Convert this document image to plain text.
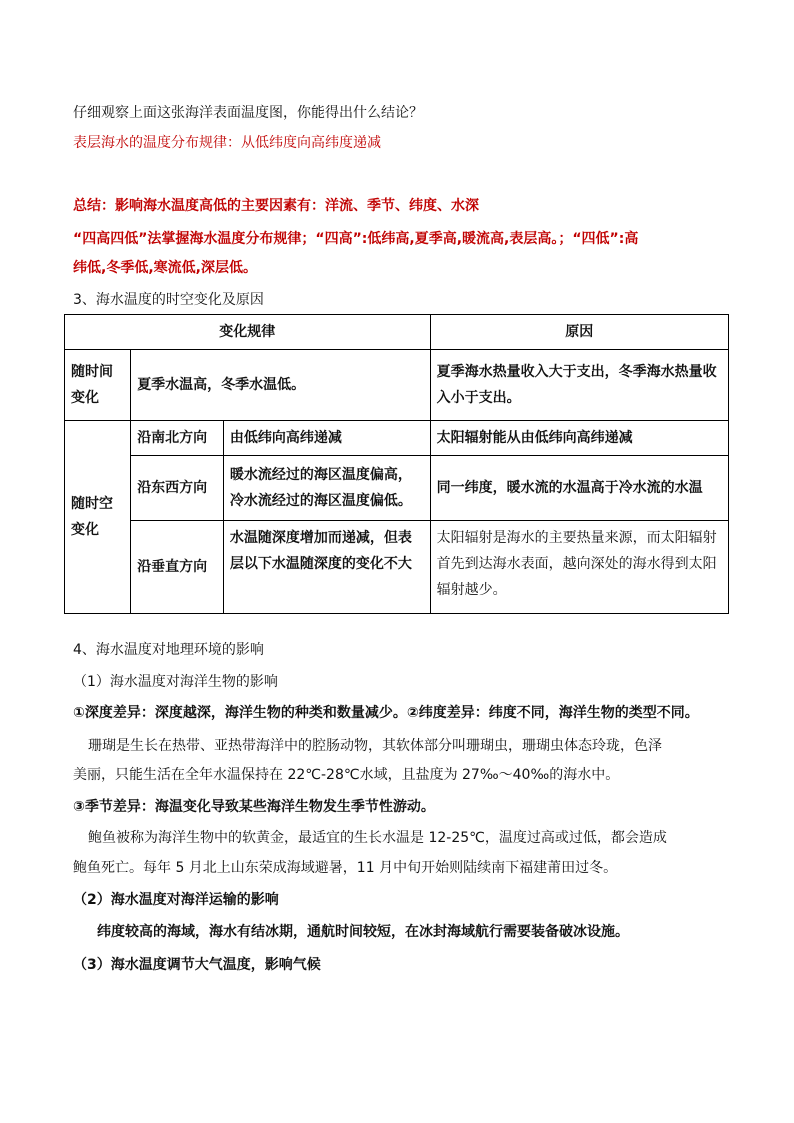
仔细观察上面这张海洋表面温度图，你能得出什么结论？
表层海水的温度分布规律：从低纬度向高纬度递减
总结：影响海水温度高低的主要因素有：洋流、季节、纬度、水深
“四高四低”法掌握海水温度分布规律；“四高”:低纬高,夏季高,暖流高,表层高。；“四低”:高
纬低,冬季低,寒流低,深层低。
3、海水温度的时空变化及原因
变化规律			原因
随时间变化	夏季水温高，冬季水温低。		夏季海水热量收入大于支出，冬季海水热量收入小于支出。
随时空变化	沿南北方向	由低纬向高纬递减	太阳辐射能从由低纬向高纬递减
	沿东西方向	暖水流经过的海区温度偏高，冷水流经过的海区温度偏低。	同一纬度，暖水流的水温高于冷水流的水温
	沿垂直方向	水温随深度增加而递减，但表层以下水温随深度的变化不大	太阳辐射是海水的主要热量来源，而太阳辐射首先到达海水表面，越向深处的海水得到太阳辐射越少。
4、海水温度对地理环境的影响
（1）海水温度对海洋生物的影响
①深度差异：深度越深，海洋生物的种类和数量减少。②纬度差异：纬度不同，海洋生物的类型不同。
珊瑚是生长在热带、亚热带海洋中的腔肠动物，其软体部分叫珊瑚虫，珊瑚虫体态玲珑，色泽
美丽，只能生活在全年水温保持在 22℃-28℃水域，且盐度为 27‰～40‰的海水中。
③季节差异：海温变化导致某些海洋生物发生季节性游动。
鲍鱼被称为海洋生物中的软黄金，最适宜的生长水温是 12-25℃，温度过高或过低，都会造成
鲍鱼死亡。每年 5 月北上山东荣成海域避暑，11 月中旬开始则陆续南下福建莆田过冬。
（2）海水温度对海洋运输的影响
纬度较高的海域，海水有结冰期，通航时间较短，在冰封海域航行需要装备破冰设施。
（3）海水温度调节大气温度，影响气候
